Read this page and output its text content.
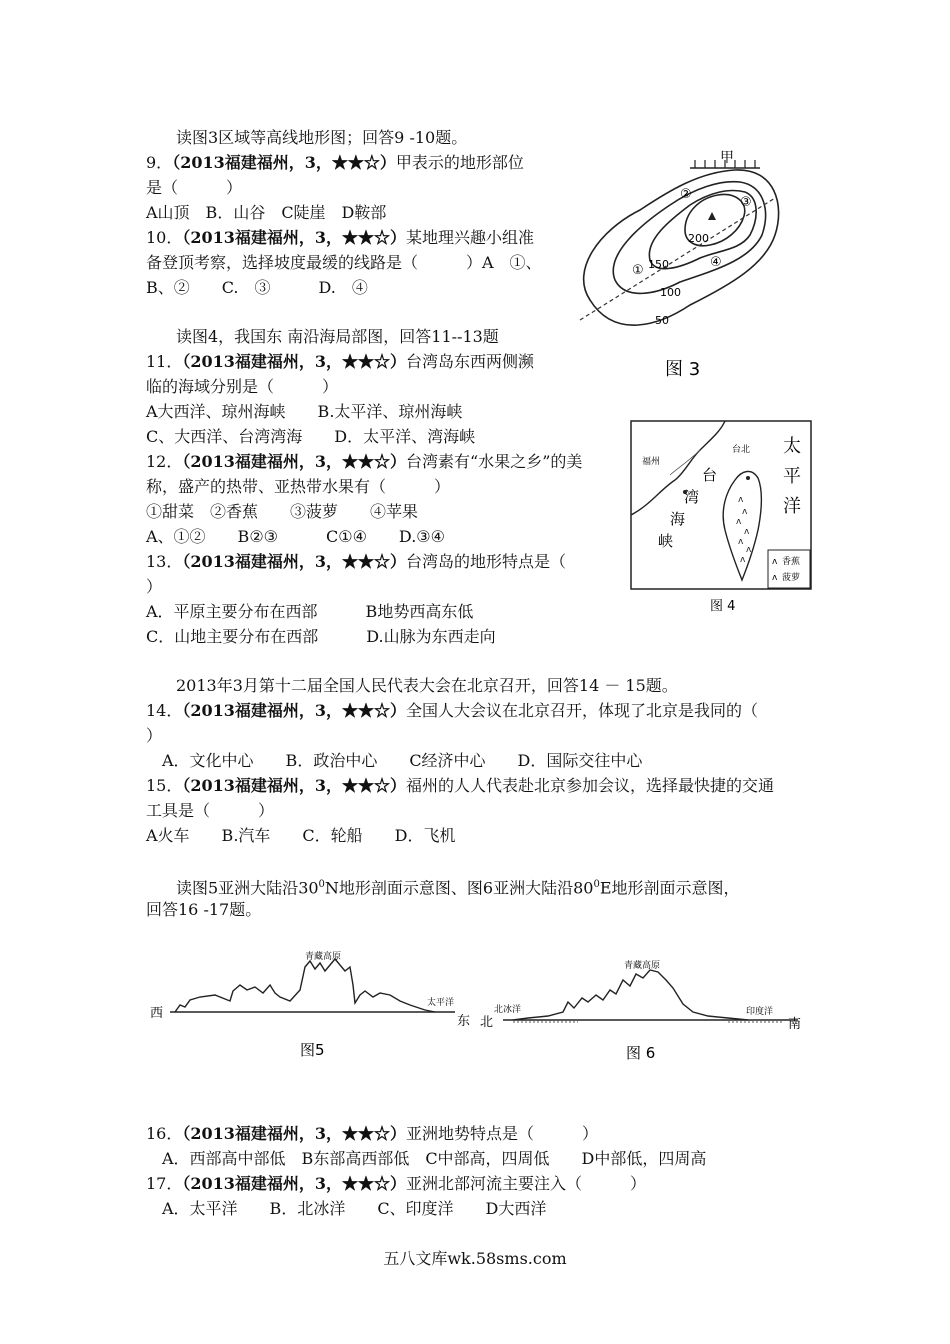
读图3区域等高线地形图；回答9 -10题。
9．（2013福建福州，3，★★☆）甲表示的地形部位
是（　　　）
A山顶　B．山谷　C陡崖　D鞍部
10．（2013福建福州，3，★★☆）某地理兴趣小组准
备登顶考察，选择坡度最缓的线路是（　　　）A　①、
B、②　　C.　③　　　D.　④
甲
200
150
100
50
①
②
③
④
图 3
读图4，我国东 南沿海局部图，回答11--13题
11．（2013福建福州，3，★★☆）台湾岛东西两侧濒
临的海域分别是（　　　）
A大西洋、琼州海峡　　B.太平洋、琼州海峡
C、大西洋、台湾湾海　　D．太平洋、湾海峡
12．（2013福建福州，3，★★☆）台湾素有“水果之乡”的美
称，盛产的热带、亚热带水果有（　　　）
①甜菜　②香蕉　　③菠萝　　④苹果
A、①②　　B②③　　　C①④　　D.③④
13．（2013福建福州，3，★★☆）台湾岛的地形特点是（
）
A．平原主要分布在西部　　　B地势西高东低
C．山地主要分布在西部　　　D.山脉为东西走向
ʌ
ʌ
ʌ
ʌ
ʌ
ʌ
ʌ
福州
台北
台
湾
海
峡
太
平
洋
ʌ 香蕉
ʌ 菠萝
图 4
2013年3月第十二届全国人民代表大会在北京召开，回答14 － 15题。
14．（2013福建福州，3，★★☆）全国人大会议在北京召开，体现了北京是我同的（
）
　A．文化中心　　B．政治中心　　C经济中心　　D．国际交往中心
15．（2013福建福州，3，★★☆）福州的人人代表赴北京参加会议，选择最快捷的交通
工具是（　　　）
A火车　　B.汽车　　C．轮船　　D．飞机
读图5亚洲大陆沿$30^0N$地形剖面示意图、图6亚洲大陆沿$80^0E$地形剖面示意图，
回答16 -17题。
西
东
青藏高原
太平洋
图5
北	南
青藏高原
北冰洋	印度洋
图 6
16．（2013福建福州，3，★★☆）亚洲地势特点是（　　　）
　A．西部高中部低　B东部高西部低　C中部高，四周低　　D中部低，四周高
17．（2013福建福州，3，★★☆）亚洲北部河流主要注入（　　　）
　A．太平洋　　B．北冰洋　　C、印度洋　　D大西洋
五八文库wk.58sms.com
